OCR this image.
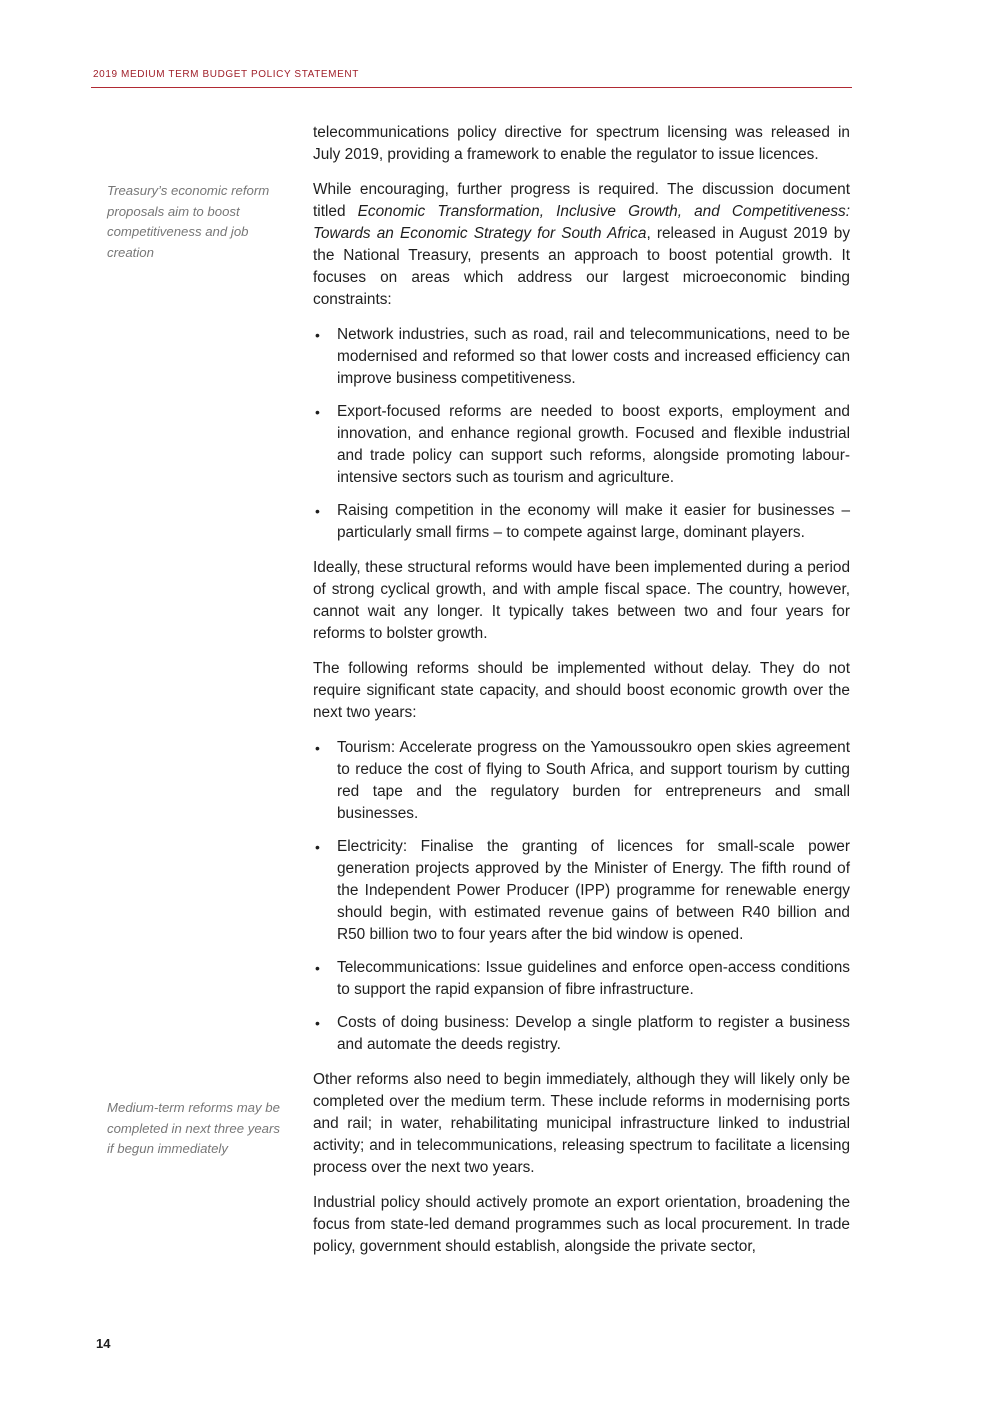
2019 MEDIUM TERM BUDGET POLICY STATEMENT
Treasury’s economic reform proposals aim to boost competitiveness and job creation
Medium-term reforms may be completed in next three years if begun immediately

telecommunications policy directive for spectrum licensing was released in July 2019, providing a framework to enable the regulator to issue licences.

While encouraging, further progress is required. The discussion document titled Economic Transformation, Inclusive Growth, and Competitiveness: Towards an Economic Strategy for South Africa, released in August 2019 by the National Treasury, presents an approach to boost potential growth. It focuses on areas which address our largest microeconomic binding constraints:

• Network industries, such as road, rail and telecommunications, need to be modernised and reformed so that lower costs and increased efficiency can improve business competitiveness.
• Export-focused reforms are needed to boost exports, employment and innovation, and enhance regional growth. Focused and flexible industrial and trade policy can support such reforms, alongside promoting labour-intensive sectors such as tourism and agriculture.
• Raising competition in the economy will make it easier for businesses – particularly small firms – to compete against large, dominant players.

Ideally, these structural reforms would have been implemented during a period of strong cyclical growth, and with ample fiscal space. The country, however, cannot wait any longer. It typically takes between two and four years for reforms to bolster growth.

The following reforms should be implemented without delay. They do not require significant state capacity, and should boost economic growth over the next two years:

• Tourism: Accelerate progress on the Yamoussoukro open skies agreement to reduce the cost of flying to South Africa, and support tourism by cutting red tape and the regulatory burden for entrepreneurs and small businesses.
• Electricity: Finalise the granting of licences for small-scale power generation projects approved by the Minister of Energy. The fifth round of the Independent Power Producer (IPP) programme for renewable energy should begin, with estimated revenue gains of between R40 billion and R50 billion two to four years after the bid window is opened.
• Telecommunications: Issue guidelines and enforce open-access conditions to support the rapid expansion of fibre infrastructure.
• Costs of doing business: Develop a single platform to register a business and automate the deeds registry.

Other reforms also need to begin immediately, although they will likely only be completed over the medium term. These include reforms in modernising ports and rail; in water, rehabilitating municipal infrastructure linked to industrial activity; and in telecommunications, releasing spectrum to facilitate a licensing process over the next two years.

Industrial policy should actively promote an export orientation, broadening the focus from state-led demand programmes such as local procurement. In trade policy, government should establish, alongside the private sector,

14
